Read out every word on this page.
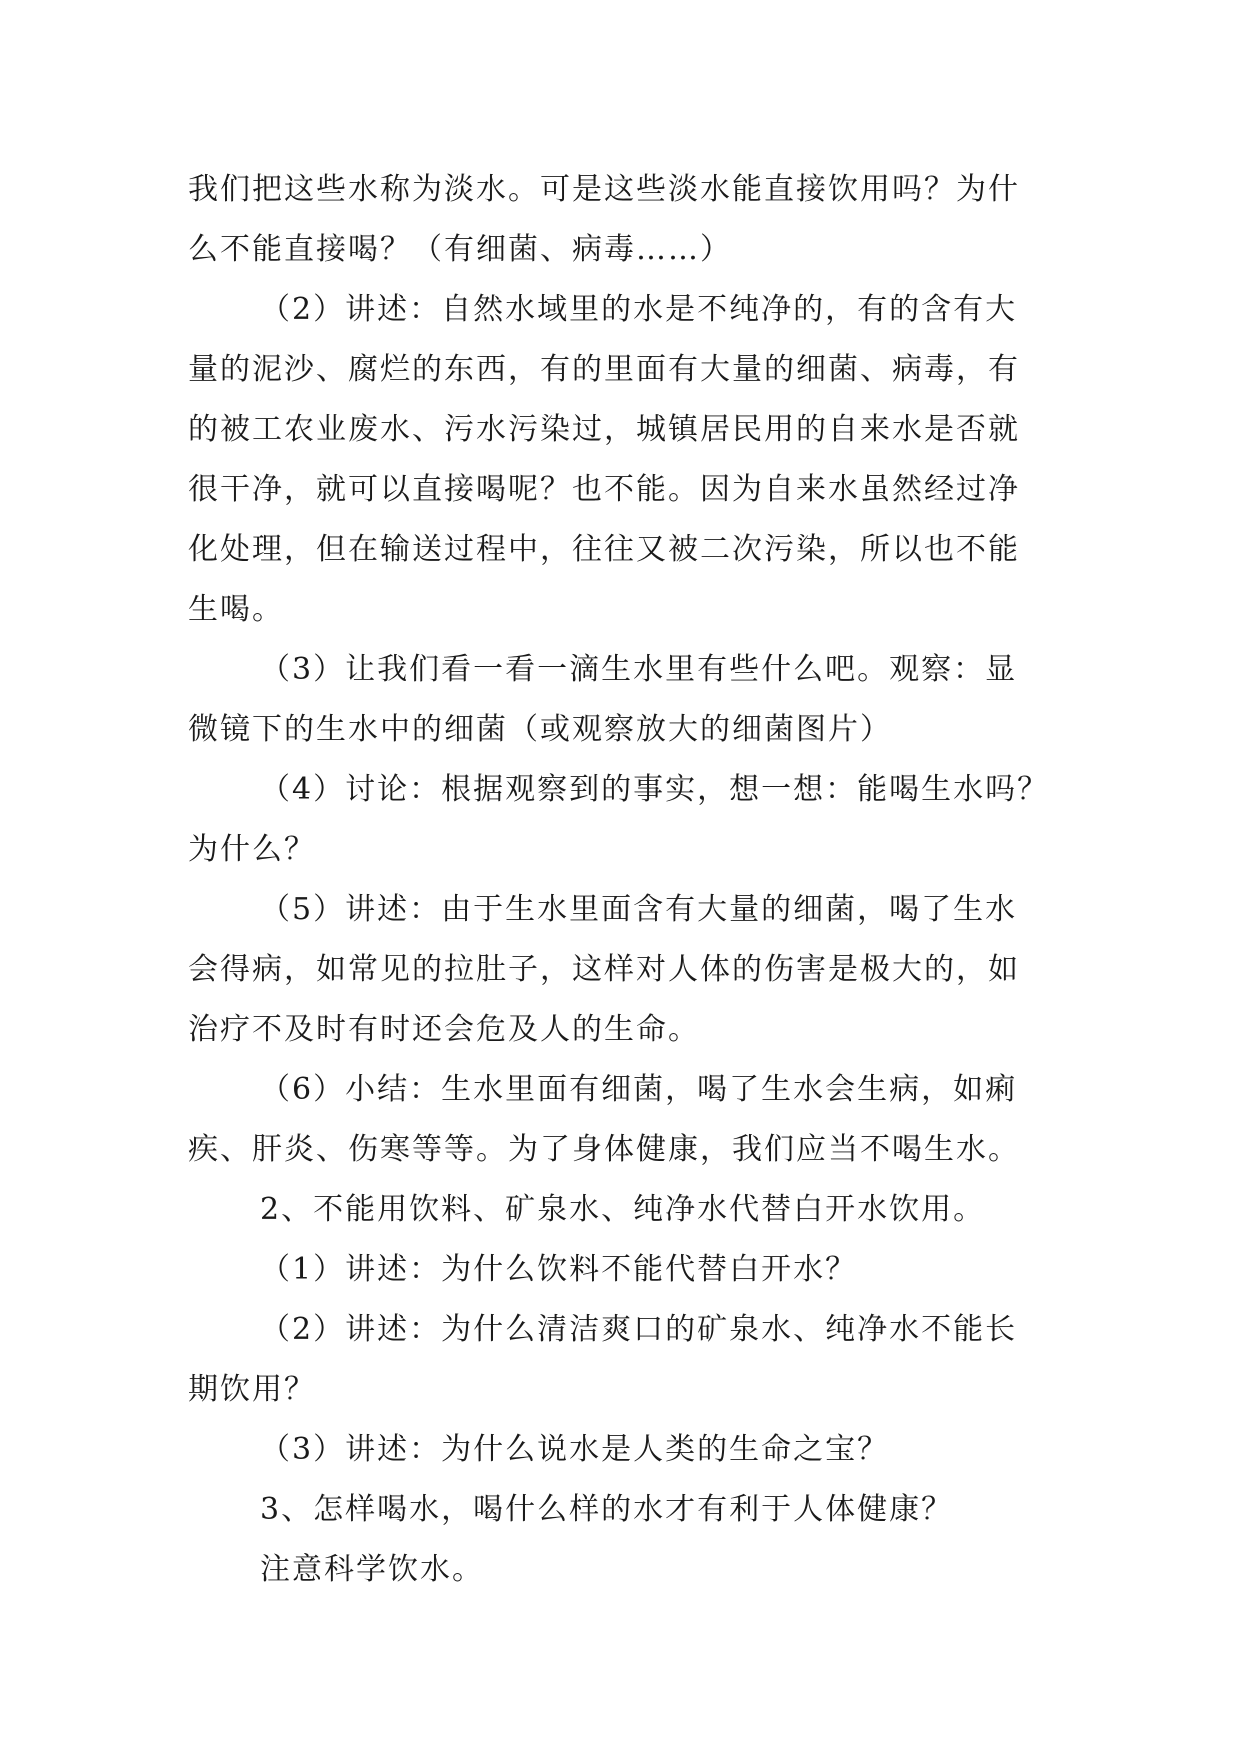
我们把这些水称为淡水。可是这些淡水能直接饮用吗？为什
么不能直接喝？（有细菌、病毒……）
（2）讲述：自然水域里的水是不纯净的，有的含有大
量的泥沙、腐烂的东西，有的里面有大量的细菌、病毒，有
的被工农业废水、污水污染过，城镇居民用的自来水是否就
很干净，就可以直接喝呢？也不能。因为自来水虽然经过净
化处理，但在输送过程中，往往又被二次污染，所以也不能
生喝。
（3）让我们看一看一滴生水里有些什么吧。观察：显
微镜下的生水中的细菌（或观察放大的细菌图片）
（4）讨论：根据观察到的事实，想一想：能喝生水吗？
为什么？
（5）讲述：由于生水里面含有大量的细菌，喝了生水
会得病，如常见的拉肚子，这样对人体的伤害是极大的，如
治疗不及时有时还会危及人的生命。
（6）小结：生水里面有细菌，喝了生水会生病，如痢
疾、肝炎、伤寒等等。为了身体健康，我们应当不喝生水。
2、不能用饮料、矿泉水、纯净水代替白开水饮用。
（1）讲述：为什么饮料不能代替白开水？
（2）讲述：为什么清洁爽口的矿泉水、纯净水不能长
期饮用？
（3）讲述：为什么说水是人类的生命之宝？
3、怎样喝水，喝什么样的水才有利于人体健康？
注意科学饮水。
